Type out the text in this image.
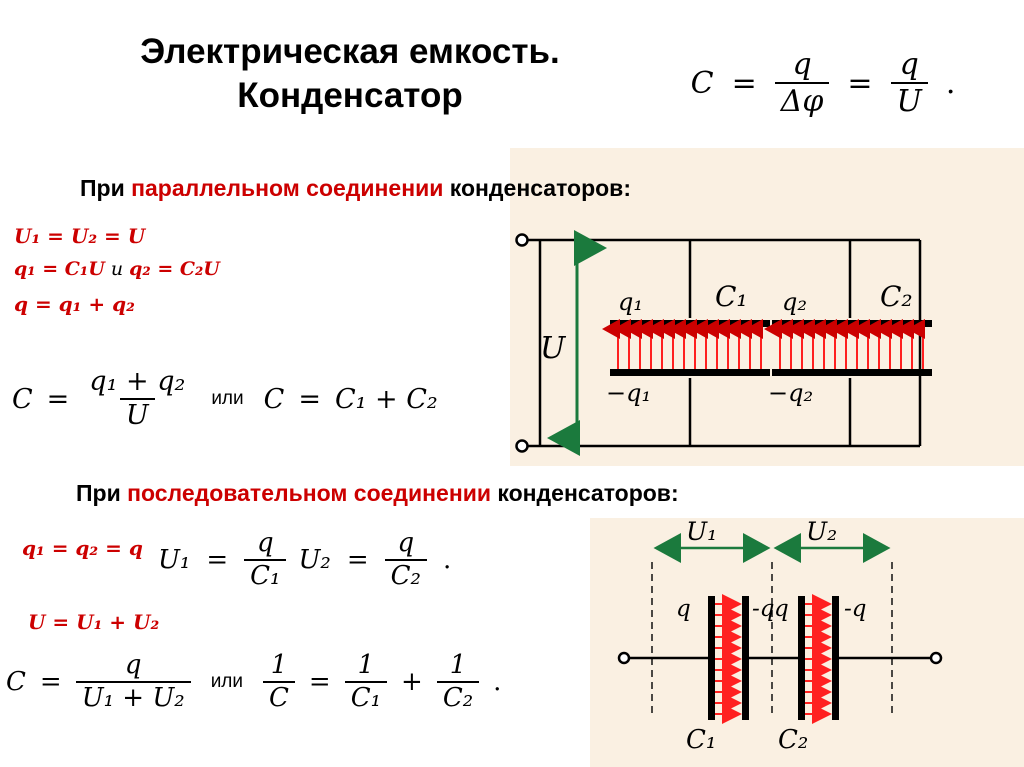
Электрическая емкость.
Конденсатор	$C = \frac{q}{\Delta\varphi} = \frac{q}{U}$ .
При параллельном соединении конденсаторов:
U₁ = U₂ = U
q₁ = C₁U и q₂ = C₂U
q = q₁ + q₂
$C = \frac{\text{q₁ + q₂}}{U}$	или C = C₁ + C₂
При последовательном соединении конденсаторов:
q₁ = q₂ = q
U = U₁ + U₂
$U_1 = \frac{q}{\text{C₁}} U_2 = \frac{q}{\text{C₂}}$ .
$C = \frac{q}{\text{U₁ + U₂}}$	или $\frac{1}{C} = \frac{1}{\text{C₁}} + \frac{1}{\text{C₂}}$ .
U
q₁
−q₁
C₁ q₂
−q₂
C₂
U₁	U₂
q	-q
C₁
q -q
C₂
